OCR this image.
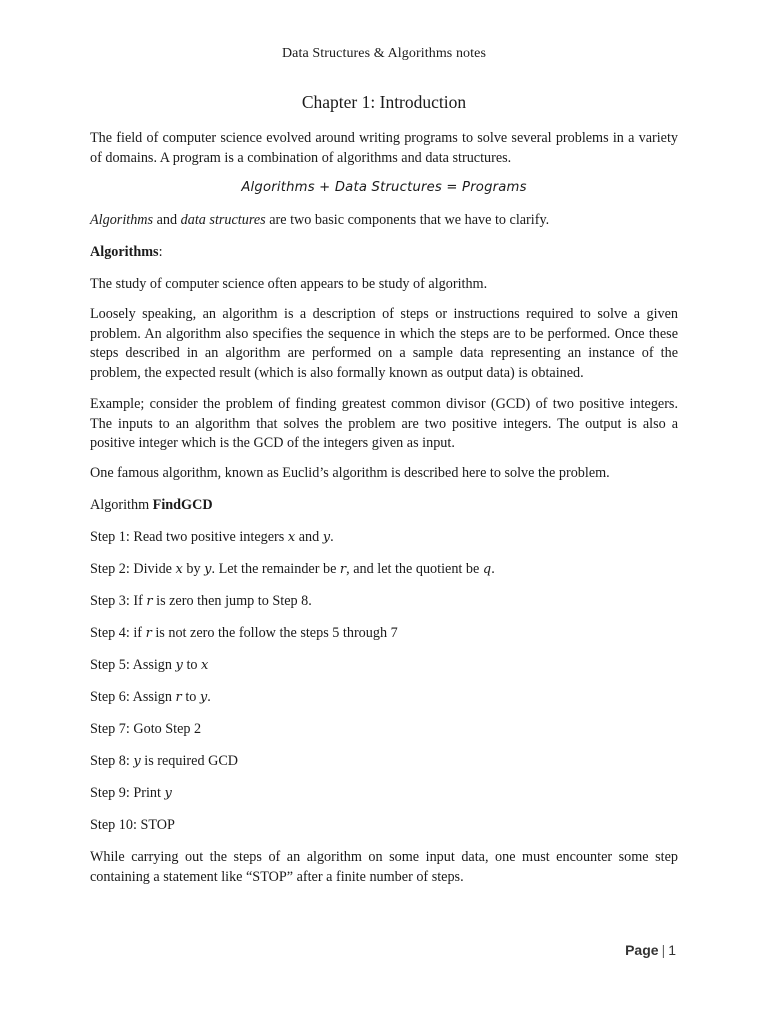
Data Structures & Algorithms notes
Chapter 1: Introduction
The field of computer science evolved around writing programs to solve several problems in a variety of domains. A program is a combination of algorithms and data structures.
Algorithms + Data Structures = Programs
Algorithms and data structures are two basic components that we have to clarify.
Algorithms:
The study of computer science often appears to be study of algorithm.
Loosely speaking, an algorithm is a description of steps or instructions required to solve a given problem. An algorithm also specifies the sequence in which the steps are to be performed. Once these steps described in an algorithm are performed on a sample data representing an instance of the problem, the expected result (which is also formally known as output data) is obtained.
Example; consider the problem of finding greatest common divisor (GCD) of two positive integers. The inputs to an algorithm that solves the problem are two positive integers. The output is also a positive integer which is the GCD of the integers given as input.
One famous algorithm, known as Euclid’s algorithm is described here to solve the problem.
Algorithm FindGCD
Step 1: Read two positive integers x and y.
Step 2: Divide x by y. Let the remainder be r, and let the quotient be q.
Step 3: If r is zero then jump to Step 8.
Step 4: if r is not zero the follow the steps 5 through 7
Step 5: Assign y to x
Step 6: Assign r to y.
Step 7: Goto Step 2
Step 8: y is required GCD
Step 9: Print y
Step 10: STOP
While carrying out the steps of an algorithm on some input data, one must encounter some step containing a statement like “STOP” after a finite number of steps.
Page | 1
